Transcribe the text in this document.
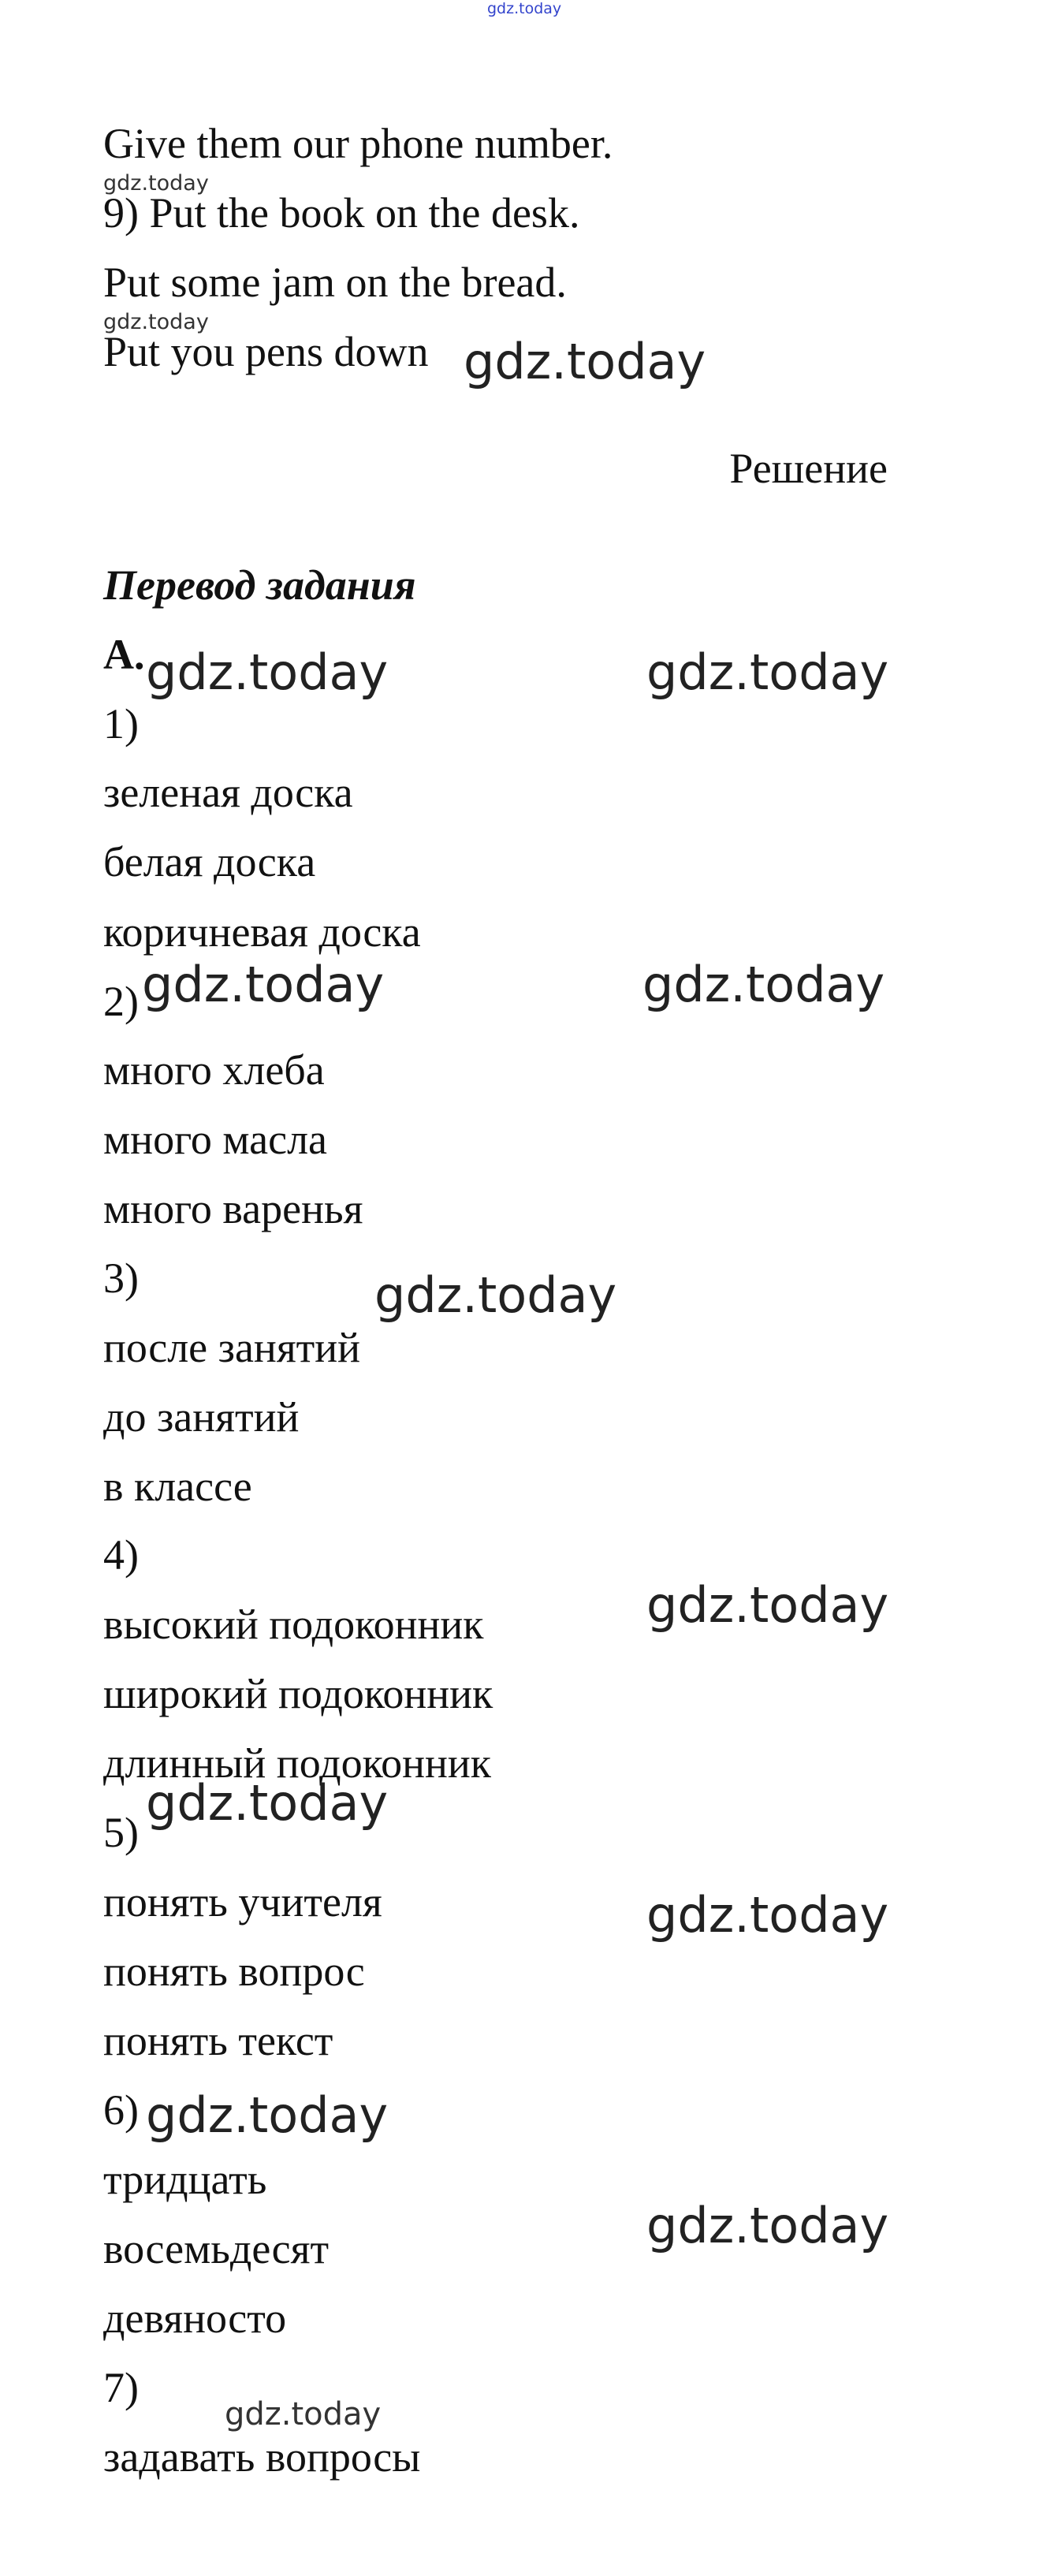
gdz.today
Give them our phone number.
gdz.today
9) Put the book on the desk.
Put some jam on the bread.
gdz.today
Put you pens down gdz.today
Решение
Перевод задания
A. gdz.today	gdz.today
1)
зеленая доска
белая доска
коричневая доска
2) gdz.today	gdz.today
много хлеба
много масла
много варенья
3)	gdz.today
после занятий
до занятий
в классе
4)
gdz.today
высокий подоконник
широкий подоконник
длинный подоконник
5)
gdz.today
понять учителя	gdz.today
понять вопрос
понять текст
6) gdz.today
тридцать
gdz.today
восемьдесят
девяносто
7)
gdz.today
задавать вопросы
